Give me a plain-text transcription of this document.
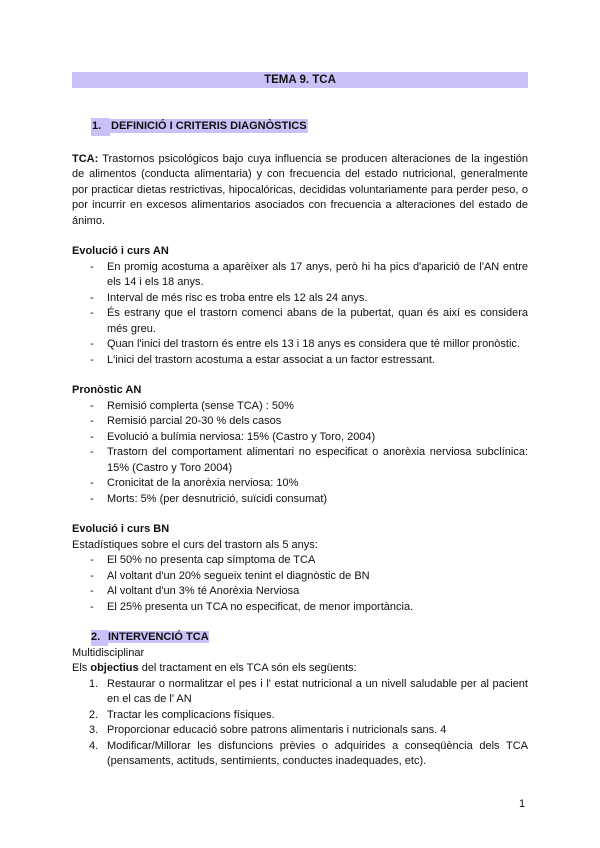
TEMA 9. TCA
1. DEFINICIÓ I CRITERIS DIAGNÒSTICS

TCA: Trastornos psicológicos bajo cuya influencia se producen alteraciones de la ingestión de alimentos (conducta alimentaria) y con frecuencia del estado nutricional, generalmente por practicar dietas restrictivas, hipocalóricas, decididas voluntariamente para perder peso, o por incurrir en excesos alimentarios asociados con frecuencia a alteraciones del estado de ánimo.

Evolució i curs AN
- En promig acostuma a aparèixer als 17 anys, però hi ha pics d'aparició de l'AN entre els 14 i els 18 anys.
- Interval de més risc es troba entre els 12 als 24 anys.
- És estrany que el trastorn comenci abans de la pubertat, quan és així es considera més greu.
- Quan l'inici del trastorn és entre els 13 i 18 anys es considera que té millor pronòstic.
- L'inici del trastorn acostuma a estar associat a un factor estressant.
Pronòstic AN
- Remisió complerta (sense TCA) : 50%
- Remisió parcial 20-30 % dels casos
- Evolució a bulímia nerviosa: 15% (Castro y Toro, 2004)
- Trastorn del comportament alimentari no especificat o anorèxia nerviosa subclínica: 15% (Castro y Toro 2004)
- Cronicitat de la anorèxia nerviosa: 10%
- Morts: 5% (per desnutrició, suïcidi consumat)
Evolució i curs BN

Estadístiques sobre el curs del trastorn als 5 anys:

- El 50% no presenta cap símptoma de TCA
- Al voltant d'un 20% segueix tenint el diagnòstic de BN
- Al voltant d'un 3% té Anorèxia Nerviosa
- El 25% presenta un TCA no especificat, de menor importància.
2. INTERVENCIÓ TCA

Multidisciplinar

Els objectius del tractament en els TCA són els següents:

1. Restaurar o normalitzar el pes i l' estat nutricional a un nivell saludable per al pacient en el cas de l' AN
2. Tractar les complicacions físiques.
3. Proporcionar educació sobre patrons alimentaris i nutricionals sans. 4
4. Modificar/Millorar les disfuncions prèvies o adquirides a conseqüència dels TCA (pensaments, actituds, sentimients, conductes inadequades, etc).
1
